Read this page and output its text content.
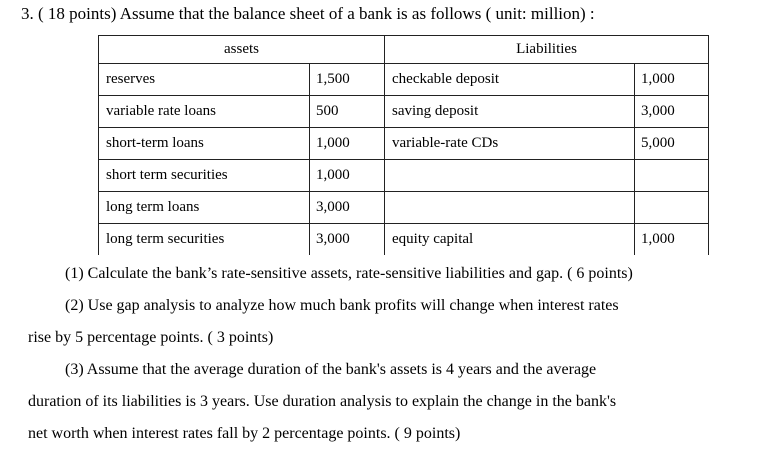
3. ( 18 points) Assume that the balance sheet of a bank is as follows ( unit: million) :
assets		Liabilities	
reserves	1,500	checkable deposit	1,000
variable rate loans	500	saving deposit	3,000
short-term loans	1,000	variable-rate CDs	5,000
short term securities	1,000		
long term loans	3,000		
long term securities	3,000	equity capital	1,000
(1) Calculate the bank’s rate-sensitive assets, rate-sensitive liabilities and gap. ( 6 points)
(2) Use gap analysis to analyze how much bank profits will change when interest rates
rise by 5 percentage points. ( 3 points)
(3) Assume that the average duration of the bank's assets is 4 years and the average
duration of its liabilities is 3 years. Use duration analysis to explain the change in the bank's
net worth when interest rates fall by 2 percentage points. ( 9 points)
